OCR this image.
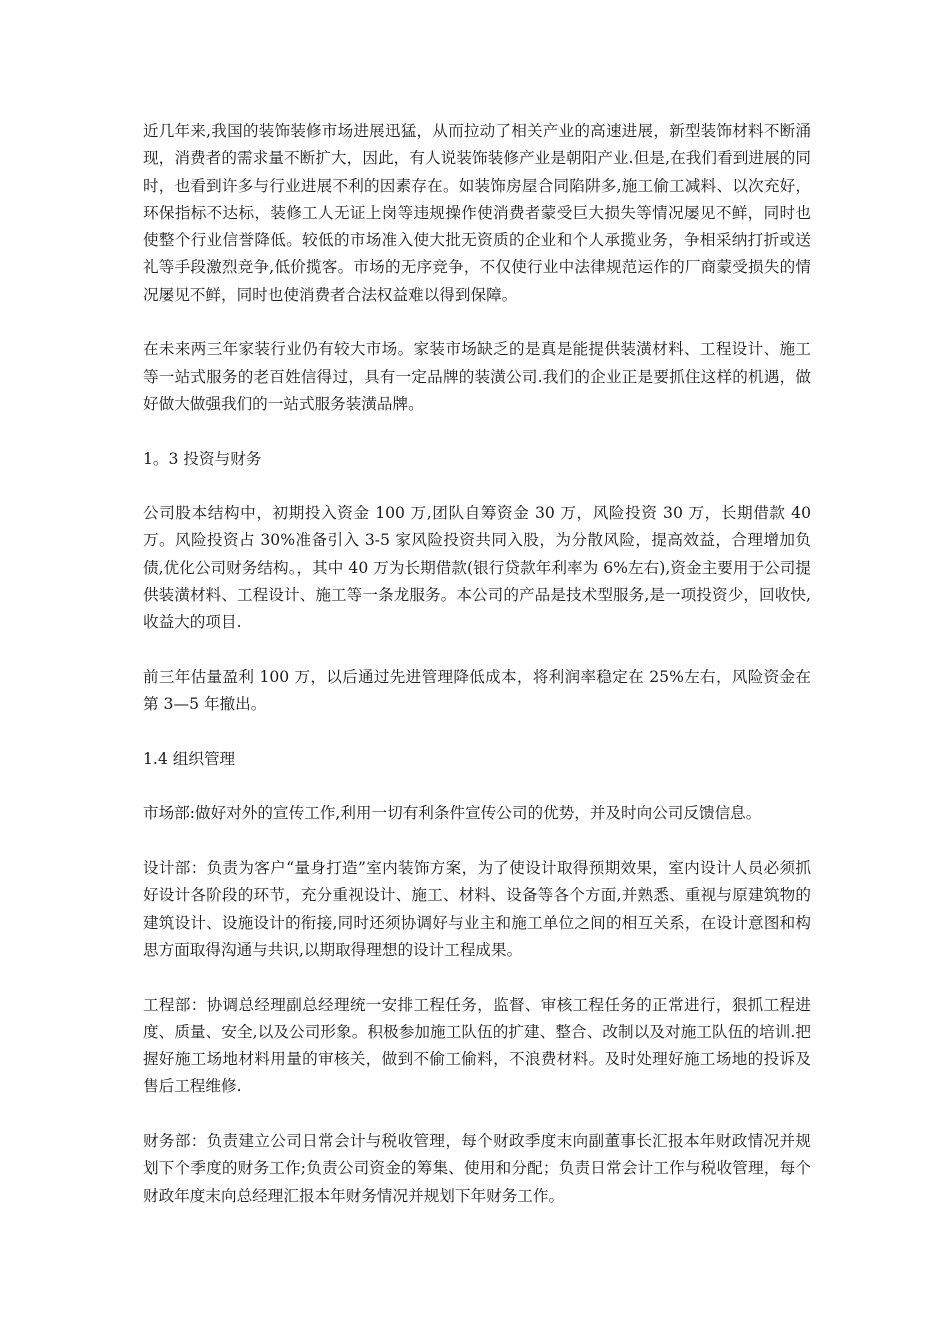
近几年来,我国的装饰装修市场进展迅猛，从而拉动了相关产业的高速进展，新型装饰材料不断涌现，消费者的需求量不断扩大，因此，有人说装饰装修产业是朝阳产业.但是,在我们看到进展的同时，也看到许多与行业进展不利的因素存在。如装饰房屋合同陷阱多,施工偷工减料、以次充好，环保指标不达标，装修工人无证上岗等违规操作使消费者蒙受巨大损失等情况屡见不鲜，同时也使整个行业信誉降低。较低的市场准入使大批无资质的企业和个人承揽业务，争相采纳打折或送礼等手段激烈竞争,低价揽客。市场的无序竞争，不仅使行业中法律规范运作的厂商蒙受损失的情况屡见不鲜，同时也使消费者合法权益难以得到保障。

在未来两三年家装行业仍有较大市场。家装市场缺乏的是真是能提供装潢材料、工程设计、施工等一站式服务的老百姓信得过，具有一定品牌的装潢公司.我们的企业正是要抓住这样的机遇，做好做大做强我们的一站式服务装潢品牌。

1。3 投资与财务

公司股本结构中，初期投入资金 100 万,团队自筹资金 30 万，风险投资 30 万，长期借款 40 万。风险投资占 30%准备引入 3-5 家风险投资共同入股，为分散风险，提高效益，合理增加负债,优化公司财务结构。，其中 40 万为长期借款(银行贷款年利率为 6%左右),资金主要用于公司提供装潢材料、工程设计、施工等一条龙服务。本公司的产品是技术型服务,是一项投资少，回收快,收益大的项目.

前三年估量盈利 100 万，以后通过先进管理降低成本，将利润率稳定在 25%左右，风险资金在第 3—5 年撤出。

1.4 组织管理

市场部:做好对外的宣传工作,利用一切有利条件宣传公司的优势，并及时向公司反馈信息。

设计部：负责为客户“量身打造”室内装饰方案，为了使设计取得预期效果，室内设计人员必须抓好设计各阶段的环节，充分重视设计、施工、材料、设备等各个方面,并熟悉、重视与原建筑物的建筑设计、设施设计的衔接,同时还须协调好与业主和施工单位之间的相互关系，在设计意图和构思方面取得沟通与共识,以期取得理想的设计工程成果。

工程部：协调总经理副总经理统一安排工程任务，监督、审核工程任务的正常进行，狠抓工程进度、质量、安全,以及公司形象。积极参加施工队伍的扩建、整合、改制以及对施工队伍的培训.把握好施工场地材料用量的审核关，做到不偷工偷料，不浪费材料。及时处理好施工场地的投诉及售后工程维修.

财务部：负责建立公司日常会计与税收管理，每个财政季度末向副董事长汇报本年财政情况并规划下个季度的财务工作;负责公司资金的筹集、使用和分配；负责日常会计工作与税收管理，每个财政年度末向总经理汇报本年财务情况并规划下年财务工作。
